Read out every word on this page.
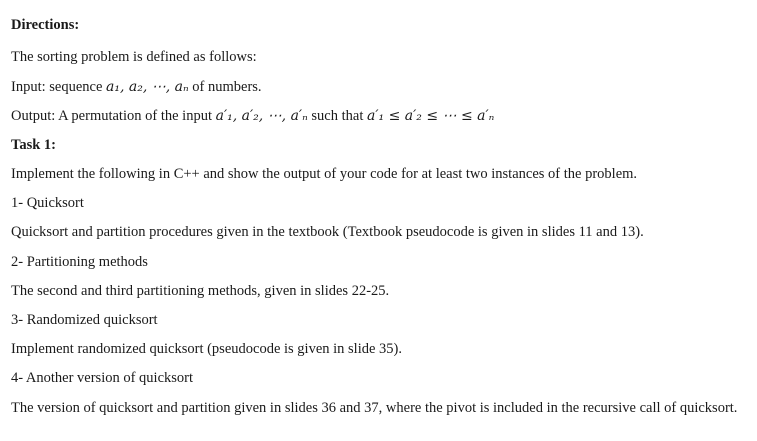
Directions:
The sorting problem is defined as follows:
Input: sequence a₁, a₂, ⋯, aₙ of numbers.
Output: A permutation of the input a′₁, a′₂, ⋯, a′ₙ such that a′₁ ≤ a′₂ ≤ ⋯ ≤ a′ₙ
Task 1:
Implement the following in C++ and show the output of your code for at least two instances of the problem.
1- Quicksort
Quicksort and partition procedures given in the textbook (Textbook pseudocode is given in slides 11 and 13).
2- Partitioning methods
The second and third partitioning methods, given in slides 22-25.
3- Randomized quicksort
Implement randomized quicksort (pseudocode is given in slide 35).
4- Another version of quicksort
The version of quicksort and partition given in slides 36 and 37, where the pivot is included in the recursive call of quicksort.
